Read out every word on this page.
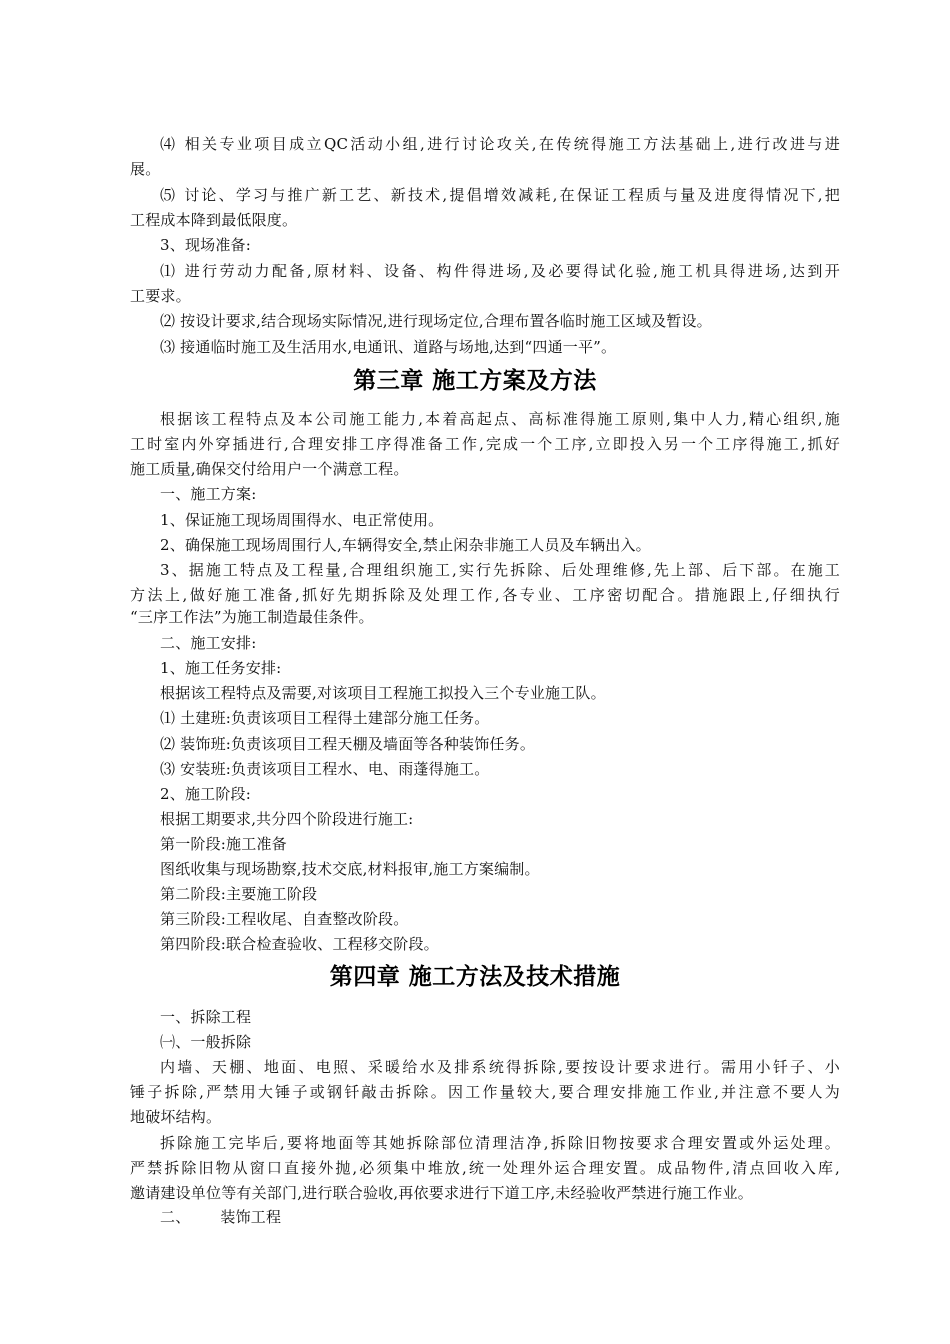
⑷ 相关专业项目成立QC活动小组,进行讨论攻关,在传统得施工方法基础上,进行改进与进
展。
⑸ 讨论、学习与推广新工艺、新技术,提倡增效减耗,在保证工程质与量及进度得情况下,把
工程成本降到最低限度。
3、现场准备:
⑴ 进行劳动力配备,原材料、设备、构件得进场,及必要得试化验,施工机具得进场,达到开
工要求。
⑵ 按设计要求,结合现场实际情况,进行现场定位,合理布置各临时施工区域及暂设。
⑶ 接通临时施工及生活用水,电通讯、道路与场地,达到“四通一平”。
第三章 施工方案及方法
根据该工程特点及本公司施工能力,本着高起点、高标准得施工原则,集中人力,精心组织,施
工时室内外穿插进行,合理安排工序得准备工作,完成一个工序,立即投入另一个工序得施工,抓好
施工质量,确保交付给用户一个满意工程。
一、施工方案:
1、保证施工现场周围得水、电正常使用。
2、确保施工现场周围行人,车辆得安全,禁止闲杂非施工人员及车辆出入。
3、据施工特点及工程量,合理组织施工,实行先拆除、后处理维修,先上部、后下部。在施工
方法上,做好施工准备,抓好先期拆除及处理工作,各专业、工序密切配合。措施跟上,仔细执行
“三序工作法”为施工制造最佳条件。
二、施工安排:
1、施工任务安排:
根据该工程特点及需要,对该项目工程施工拟投入三个专业施工队。
⑴ 土建班:负责该项目工程得土建部分施工任务。
⑵ 装饰班:负责该项目工程天棚及墙面等各种装饰任务。
⑶ 安装班:负责该项目工程水、电、雨蓬得施工。
2、施工阶段:
根据工期要求,共分四个阶段进行施工:
第一阶段:施工准备
图纸收集与现场勘察,技术交底,材料报审,施工方案编制。
第二阶段:主要施工阶段
第三阶段:工程收尾、自查整改阶段。
第四阶段:联合检查验收、工程移交阶段。
第四章 施工方法及技术措施
一、拆除工程
㈠、一般拆除
内墙、天棚、地面、电照、采暖给水及排系统得拆除,要按设计要求进行。需用小钎子、小
锤子拆除,严禁用大锤子或钢钎敲击拆除。因工作量较大,要合理安排施工作业,并注意不要人为
地破坏结构。
拆除施工完毕后,要将地面等其她拆除部位清理洁净,拆除旧物按要求合理安置或外运处理。
严禁拆除旧物从窗口直接外抛,必须集中堆放,统一处理外运合理安置。成品物件,清点回收入库,
邀请建设单位等有关部门,进行联合验收,再依要求进行下道工序,未经验收严禁进行施工作业。
二、 装饰工程
